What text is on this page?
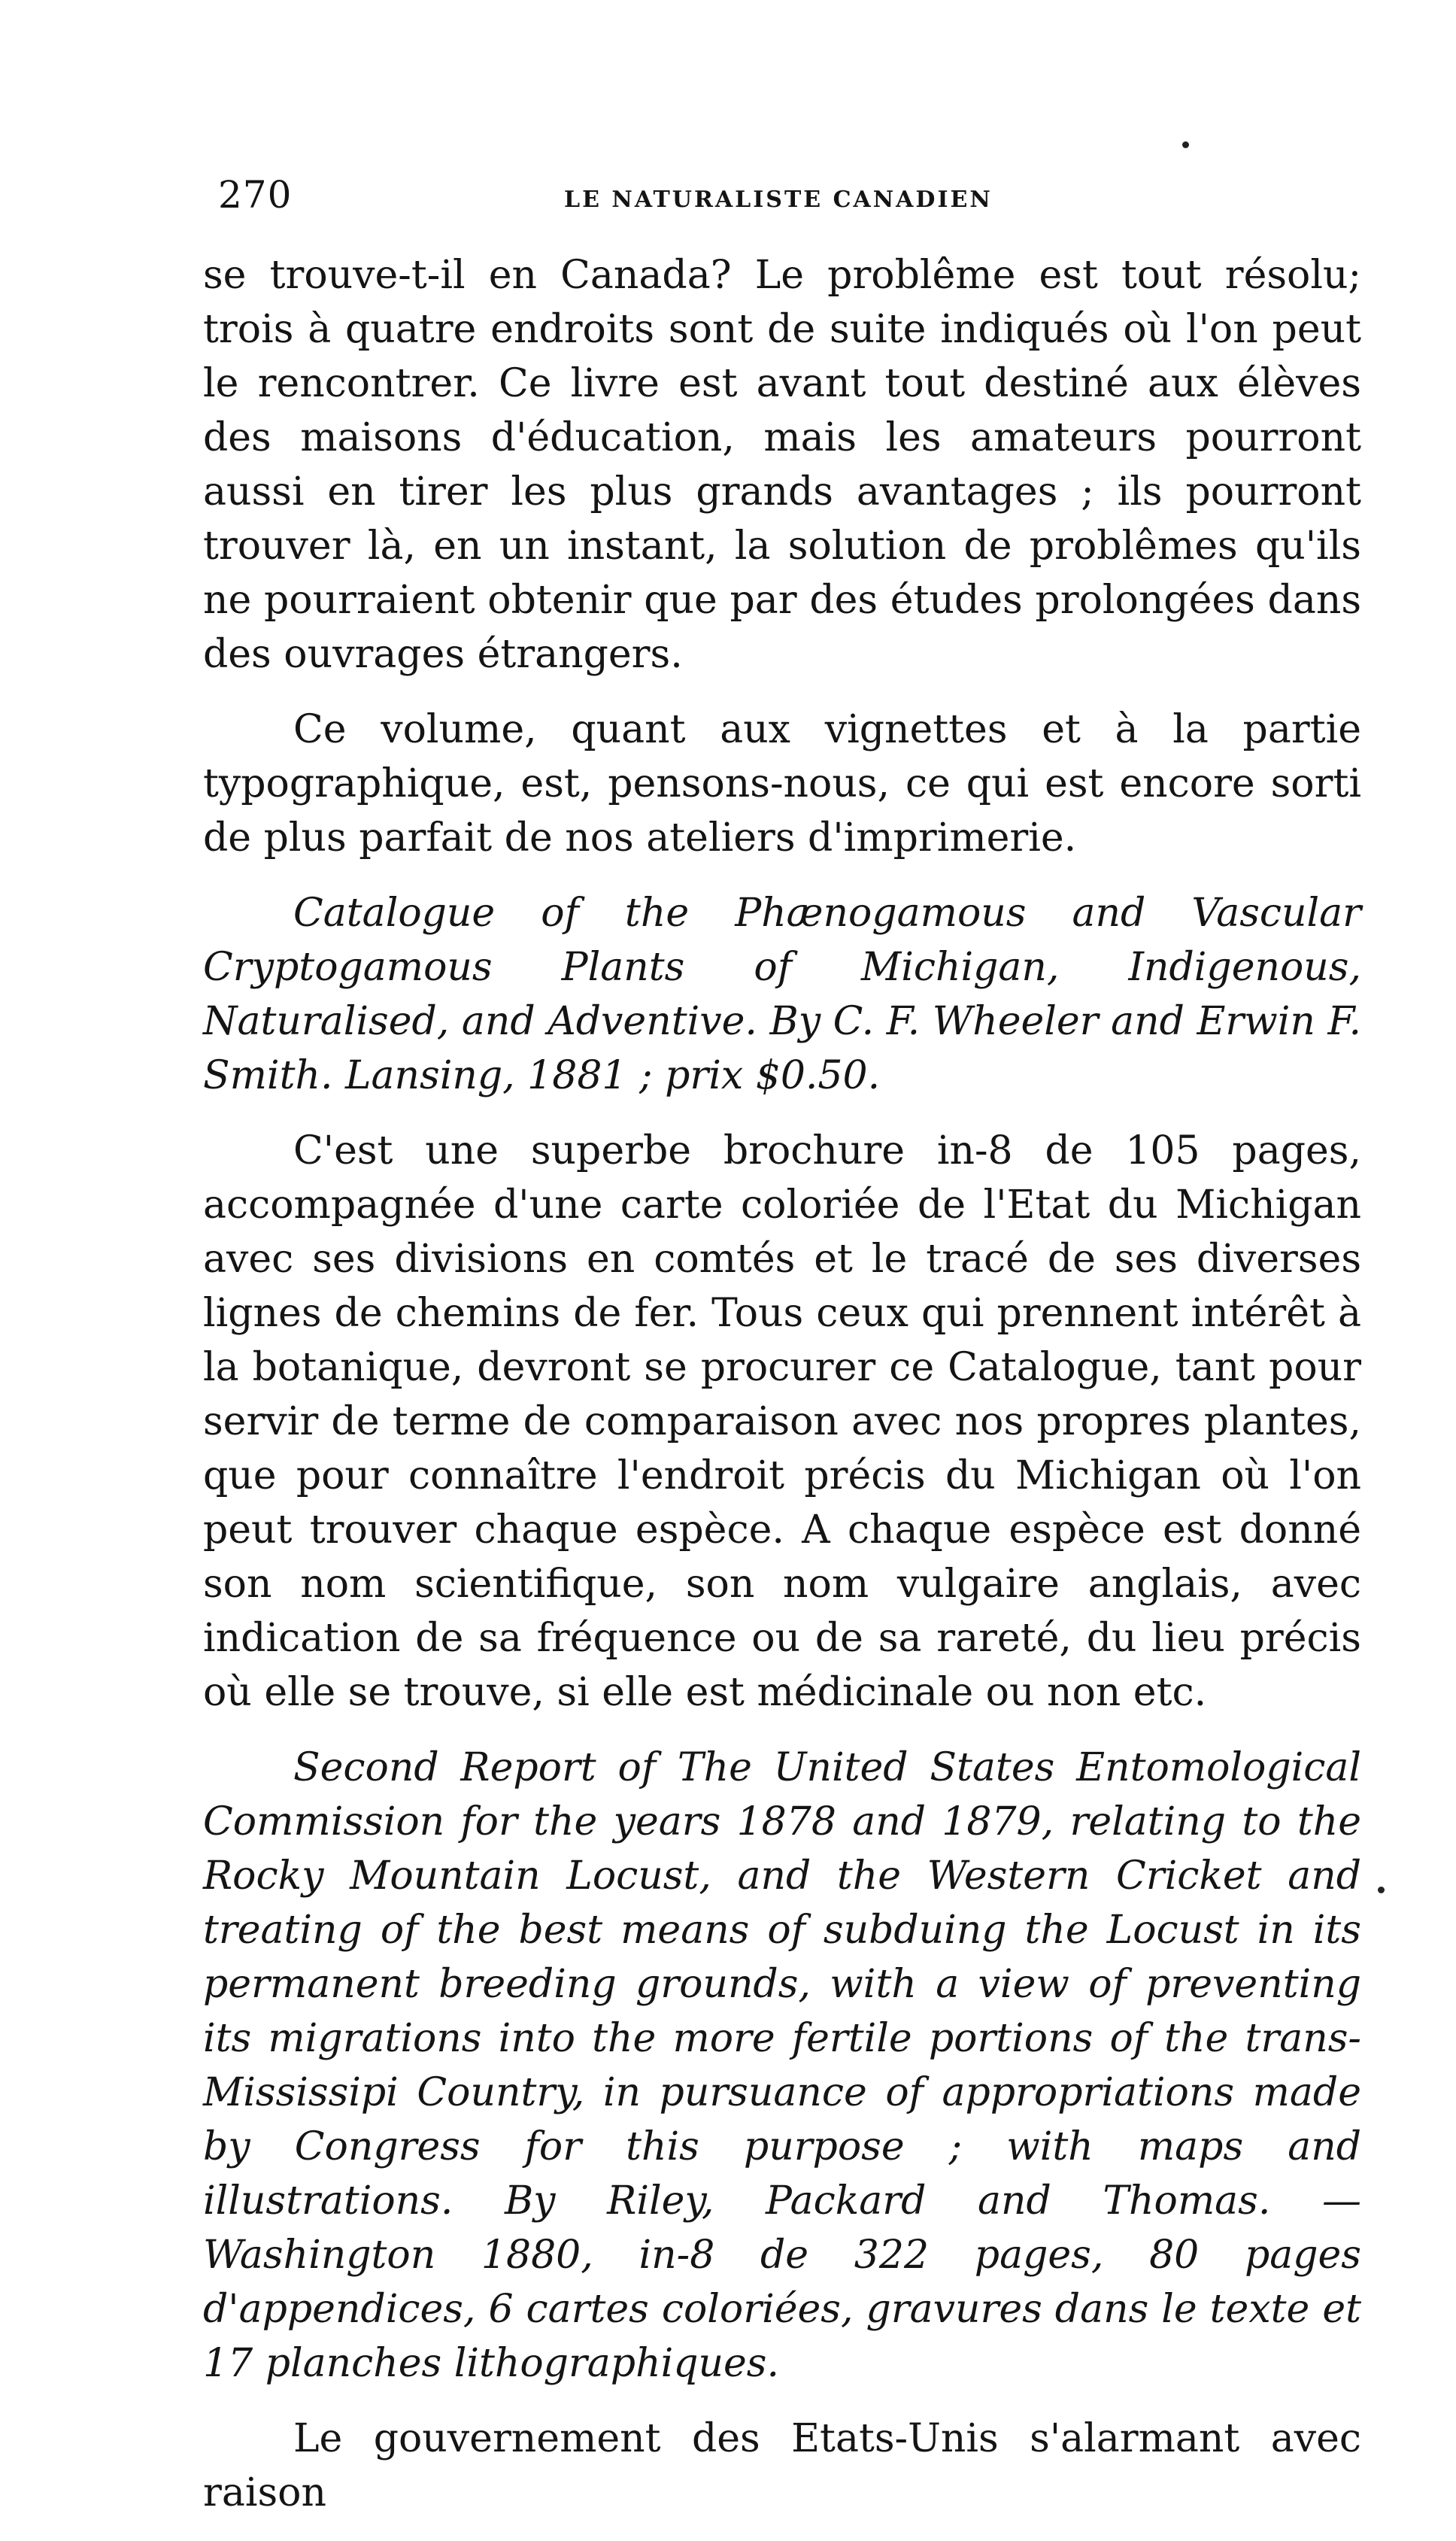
270	LE NATURALISTE CANADIEN

se trouve-t-il en Canada? Le problême est tout résolu; trois à quatre endroits sont de suite indiqués où l'on peut le rencontrer. Ce livre est avant tout destiné aux élèves des maisons d'éducation, mais les amateurs pourront aussi en tirer les plus grands avantages ; ils pourront trouver là, en un instant, la solution de problêmes qu'ils ne pourraient obtenir que par des études prolongées dans des ouvrages étrangers.

Ce volume, quant aux vignettes et à la partie typographique, est, pensons-nous, ce qui est encore sorti de plus parfait de nos ateliers d'imprimerie.

Catalogue of the Phænogamous and Vascular Cryptogamous Plants of Michigan, Indigenous, Naturalised, and Adventive. By C. F. Wheeler and Erwin F. Smith. Lansing, 1881 ; prix $0.50.

C'est une superbe brochure in-8 de 105 pages, accompagnée d'une carte coloriée de l'Etat du Michigan avec ses divisions en comtés et le tracé de ses diverses lignes de chemins de fer. Tous ceux qui prennent intérêt à la botanique, devront se procurer ce Catalogue, tant pour servir de terme de comparaison avec nos propres plantes, que pour connaître l'endroit précis du Michigan où l'on peut trouver chaque espèce. A chaque espèce est donné son nom scientifique, son nom vulgaire anglais, avec indication de sa fréquence ou de sa rareté, du lieu précis où elle se trouve, si elle est médicinale ou non etc.

Second Report of The United States Entomological Commission for the years 1878 and 1879, relating to the Rocky Mountain Locust, and the Western Cricket and treating of the best means of subduing the Locust in its permanent breeding grounds, with a view of preventing its migrations into the more fertile portions of the trans-Mississipi Country, in pursuance of appropriations made by Congress for this purpose ; with maps and illustrations. By Riley, Packard and Thomas. — Washington 1880, in-8 de 322 pages, 80 pages d'appendices, 6 cartes coloriées, gravures dans le texte et 17 planches lithographiques.

Le gouvernement des Etats-Unis s'alarmant avec raison
